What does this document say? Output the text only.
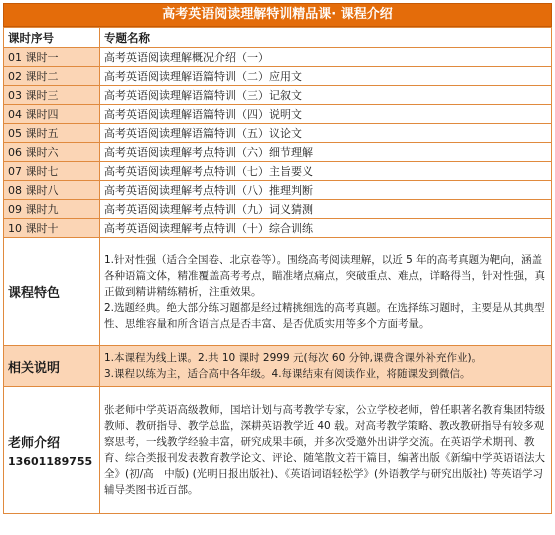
高考英语阅读理解特训精品课· 课程介绍
课时序号	专题名称
01 课时一	高考英语阅读理解概况介绍（一）
02 课时二	高考英语阅读理解语篇特训（二）应用文
03 课时三	高考英语阅读理解语篇特训（三）记叙文
04 课时四	高考英语阅读理解语篇特训（四）说明文
05 课时五	高考英语阅读理解语篇特训（五）议论文
06 课时六	高考英语阅读理解考点特训（六）细节理解
07 课时七	高考英语阅读理解考点特训（七）主旨要义
08 课时八	高考英语阅读理解考点特训（八）推理判断
09 课时九	高考英语阅读理解考点特训（九）词义猜测
10 课时十	高考英语阅读理解考点特训（十）综合训练
课程特色	1.针对性强（适合全国卷、北京卷等）。围绕高考阅读理解，以近 5 年的高考真题为靶向，涵盖各种语篇文体，精准覆盖高考考点，瞄准堵点痛点，突破重点、难点，详略得当，针对性强，真正做到精讲精练精析，注重效果。
2.选题经典。绝大部分练习题都是经过精挑细选的高考真题。在选择练习题时，主要是从其典型性、思维容量和所含语言点是否丰富、是否优质实用等多个方面考量。

相关说明	1.本课程为线上课。2.共 10 课时 2999 元(每次 60 分钟,课费含课外补充作业)。
3.课程以练为主，适合高中各年级。4.每课结束有阅读作业，将随课发到微信。

老师介绍
13601189755	张老师中学英语高级教师，国培计划与高考教学专家，公立学校老师，曾任职著名教育集团特级教师、教研指导、教学总监，深耕英语教学近 40 载。对高考教学策略、教改教研指导有较多观察思考，一线教学经验丰富，研究成果丰硕，并多次受邀外出讲学交流。在英语学术期刊、教育、综合类报刊发表教育教学论文、评论、随笔散文若干篇目，编著出版《新编中学英语语法大全》(初/高　中版) (光明日报出版社)、《英语词语轻松学》(外语教学与研究出版社) 等英语学习辅导类图书近百部。
